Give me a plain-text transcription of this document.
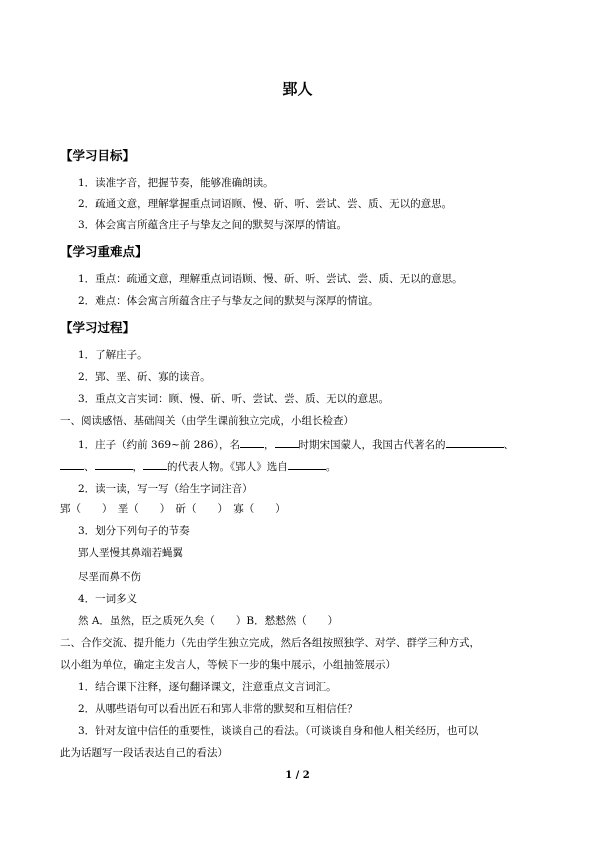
郢人
【学习目标】
1．读准字音，把握节奏，能够准确朗读。
2．疏通文意，理解掌握重点词语顾、慢、斫、听、尝试、尝、质、无以的意思。
3．体会寓言所蕴含庄子与挚友之间的默契与深厚的情谊。
【学习重难点】
1．重点：疏通文意，理解重点词语顾、慢、斫、听、尝试、尝、质、无以的意思。
2．难点：体会寓言所蕴含庄子与挚友之间的默契与深厚的情谊。
【学习过程】
1．了解庄子。
2．郢、垩、斫、寡的读音。
3．重点文言实词：顾、慢、斫、听、尝试、尝、质、无以的意思。
一、阅读感悟、基础闯关（由学生课前独立完成，小组长检查）
1．庄子（约前 369~前 286），名 ， 时期宋国蒙人，我国古代著名的	、
、	， 的代表人物。《郢人》选自	。
2．读一读，写一写（给生字词注音）
郢（　　）　垩（　　）　斫（　　）　寡（　　）
3．划分下列句子的节奏
郢人垩慢其鼻端若蝇翼
尽垩而鼻不伤
4．一词多义
然 A．虽然，臣之质死久矣（　　）B．慭慭然（　　）
二、合作交流、提升能力（先由学生独立完成，然后各组按照独学、对学、群学三种方式，
以小组为单位，确定主发言人，等候下一步的集中展示，小组抽签展示）
1．结合课下注释，逐句翻译课文，注意重点文言词汇。
2．从哪些语句可以看出匠石和郢人非常的默契和互相信任？
3．针对友谊中信任的重要性，谈谈自己的看法。（可谈谈自身和他人相关经历，也可以
此为话题写一段话表达自己的看法）
1 / 2
